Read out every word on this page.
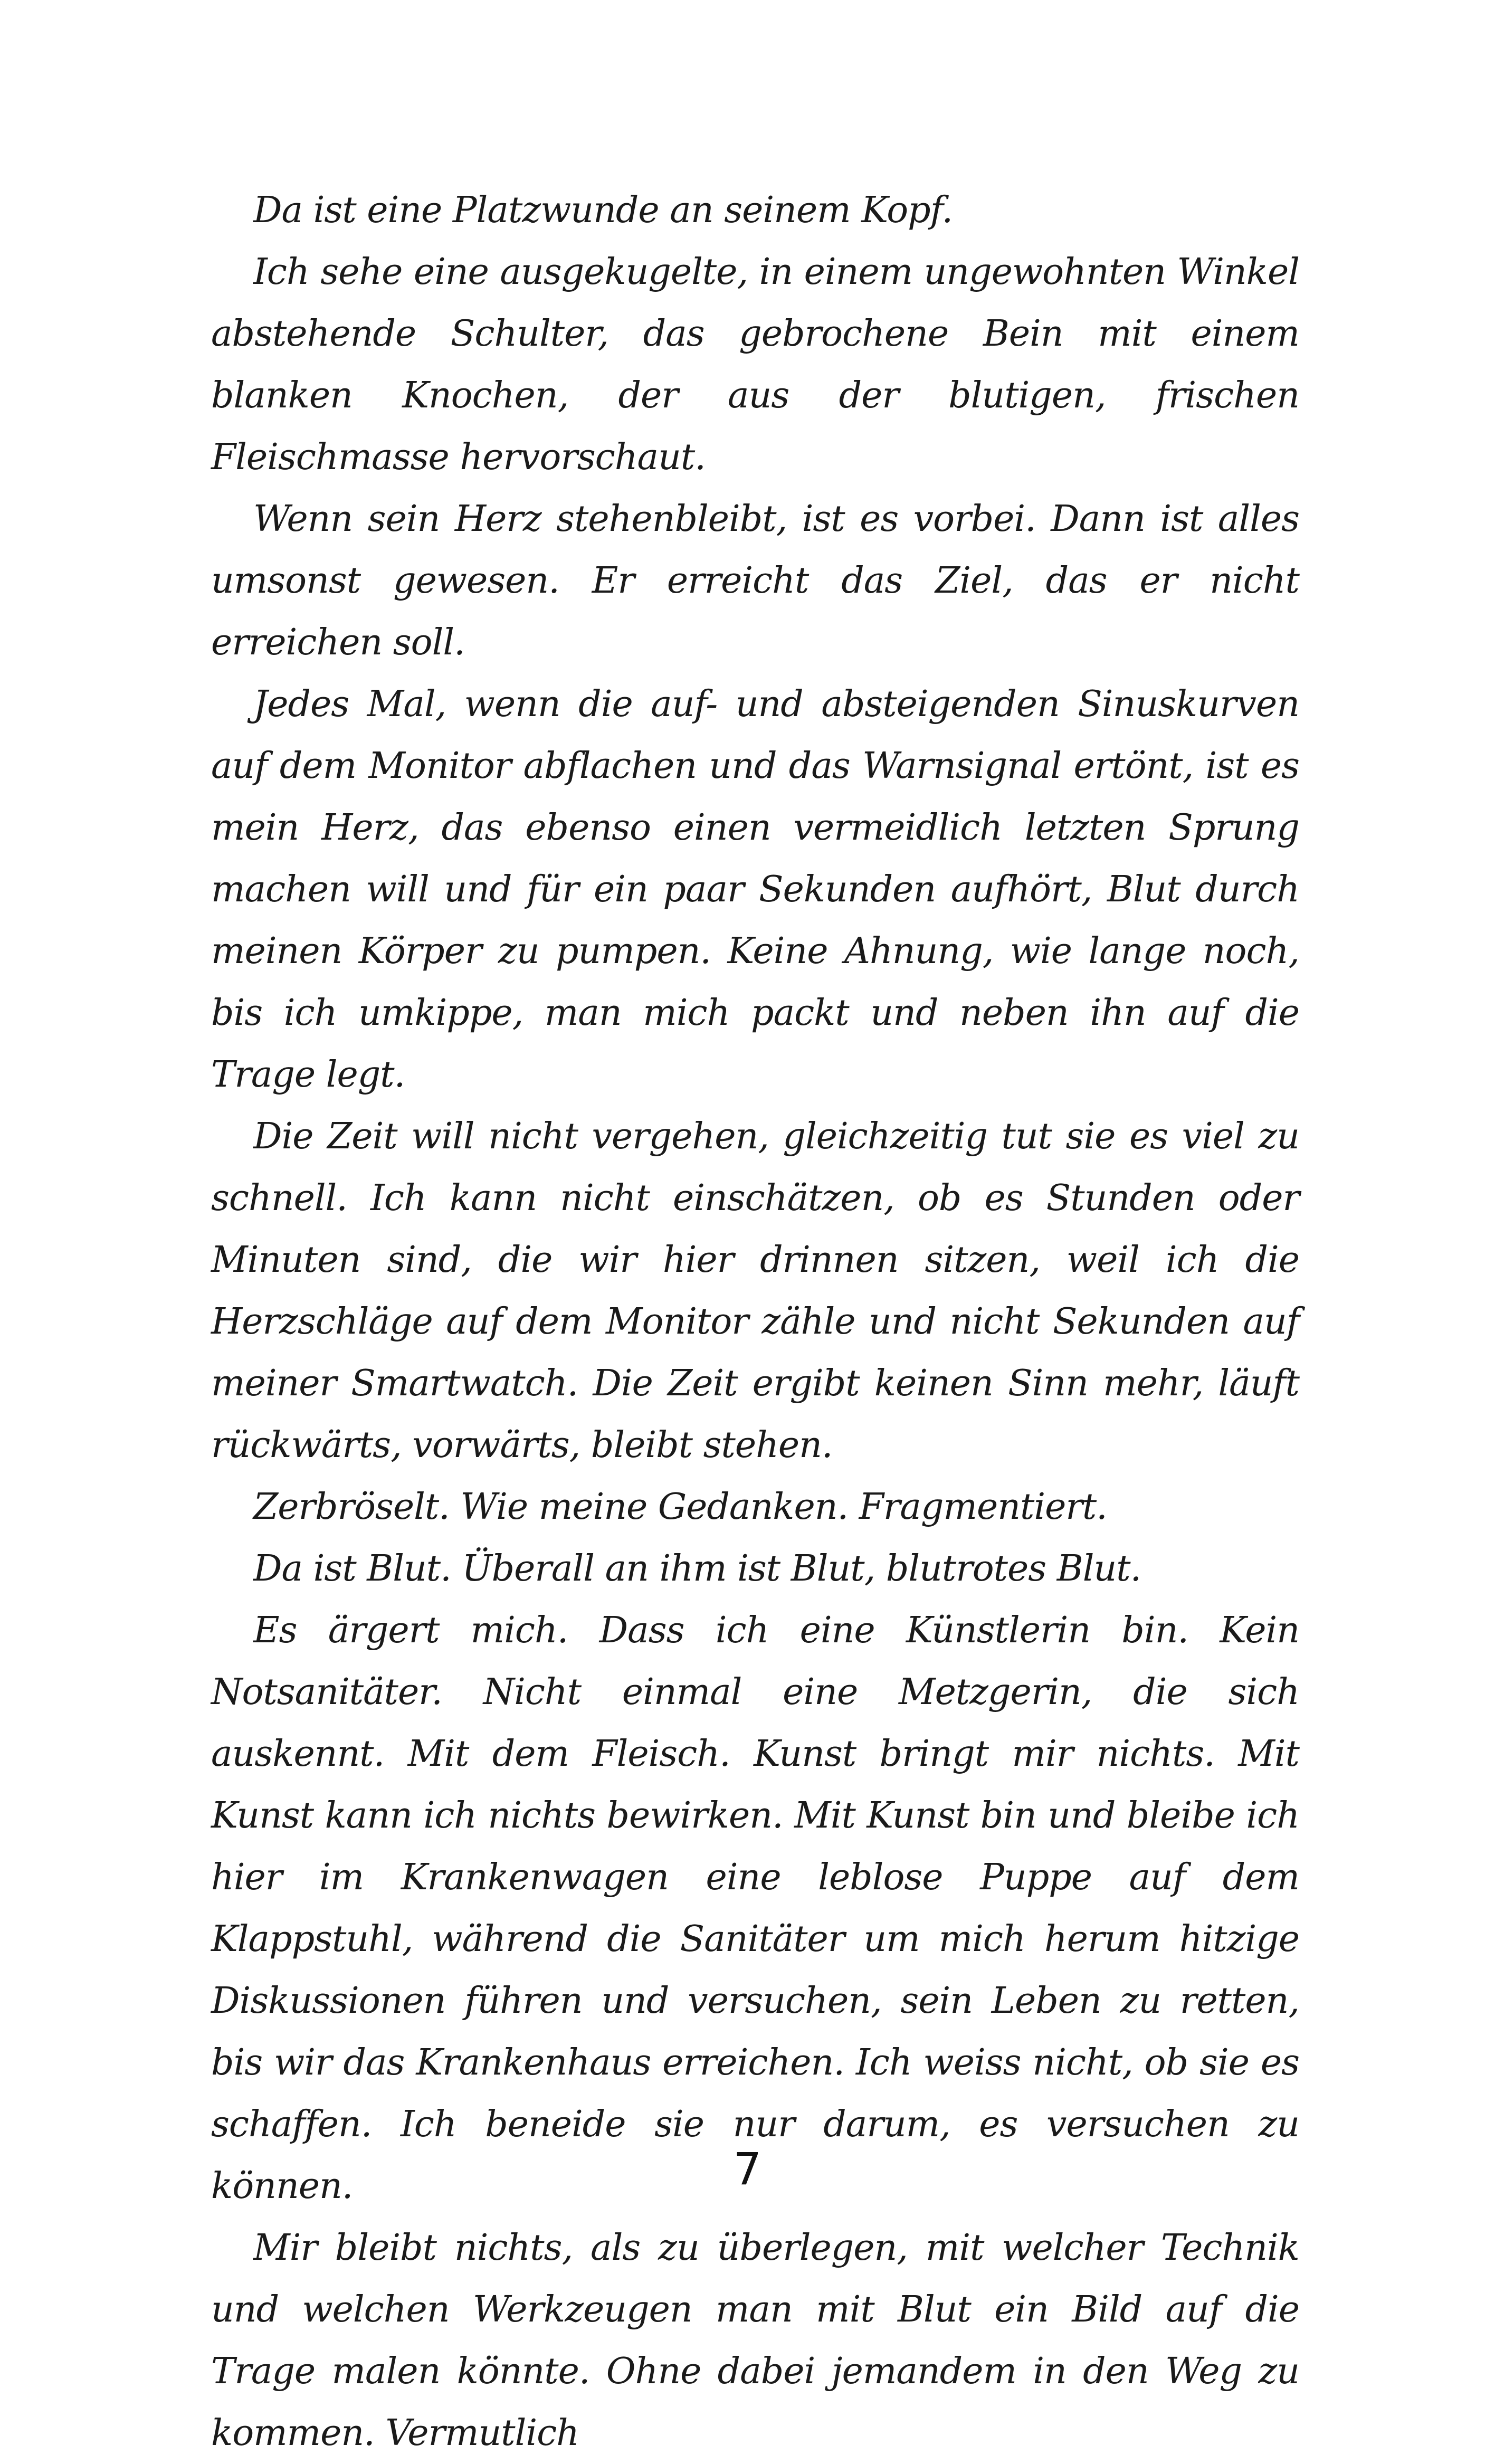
Da ist eine Platzwunde an seinem Kopf.

Ich sehe eine ausgekugelte, in einem ungewohnten Winkel abstehende Schulter, das gebrochene Bein mit einem blanken Knochen, der aus der blutigen, frischen Fleischmasse hervorschaut.

Wenn sein Herz stehenbleibt, ist es vorbei. Dann ist alles umsonst gewesen. Er erreicht das Ziel, das er nicht erreichen soll.

Jedes Mal, wenn die auf- und absteigenden Sinuskurven auf dem Monitor abflachen und das Warnsignal ertönt, ist es mein Herz, das ebenso einen vermeidlich letzten Sprung machen will und für ein paar Sekunden aufhört, Blut durch meinen Körper zu pumpen. Keine Ahnung, wie lange noch, bis ich umkippe, man mich packt und neben ihn auf die Trage legt.

Die Zeit will nicht vergehen, gleichzeitig tut sie es viel zu schnell. Ich kann nicht einschätzen, ob es Stunden oder Minuten sind, die wir hier drinnen sitzen, weil ich die Herzschläge auf dem Monitor zähle und nicht Sekunden auf meiner Smartwatch. Die Zeit ergibt keinen Sinn mehr, läuft rückwärts, vorwärts, bleibt stehen.

Zerbröselt. Wie meine Gedanken. Fragmentiert.

Da ist Blut. Überall an ihm ist Blut, blutrotes Blut.

Es ärgert mich. Dass ich eine Künstlerin bin. Kein Notsanitäter. Nicht einmal eine Metzgerin, die sich auskennt. Mit dem Fleisch. Kunst bringt mir nichts. Mit Kunst kann ich nichts bewirken. Mit Kunst bin und bleibe ich hier im Krankenwagen eine leblose Puppe auf dem Klappstuhl, während die Sanitäter um mich herum hitzige Diskussionen führen und versuchen, sein Leben zu retten, bis wir das Krankenhaus erreichen. Ich weiss nicht, ob sie es schaffen. Ich beneide sie nur darum, es versuchen zu können.

Mir bleibt nichts, als zu überlegen, mit welcher Technik und welchen Werkzeugen man mit Blut ein Bild auf die Trage malen könnte. Ohne dabei jemandem in den Weg zu kommen. Vermutlich

7
